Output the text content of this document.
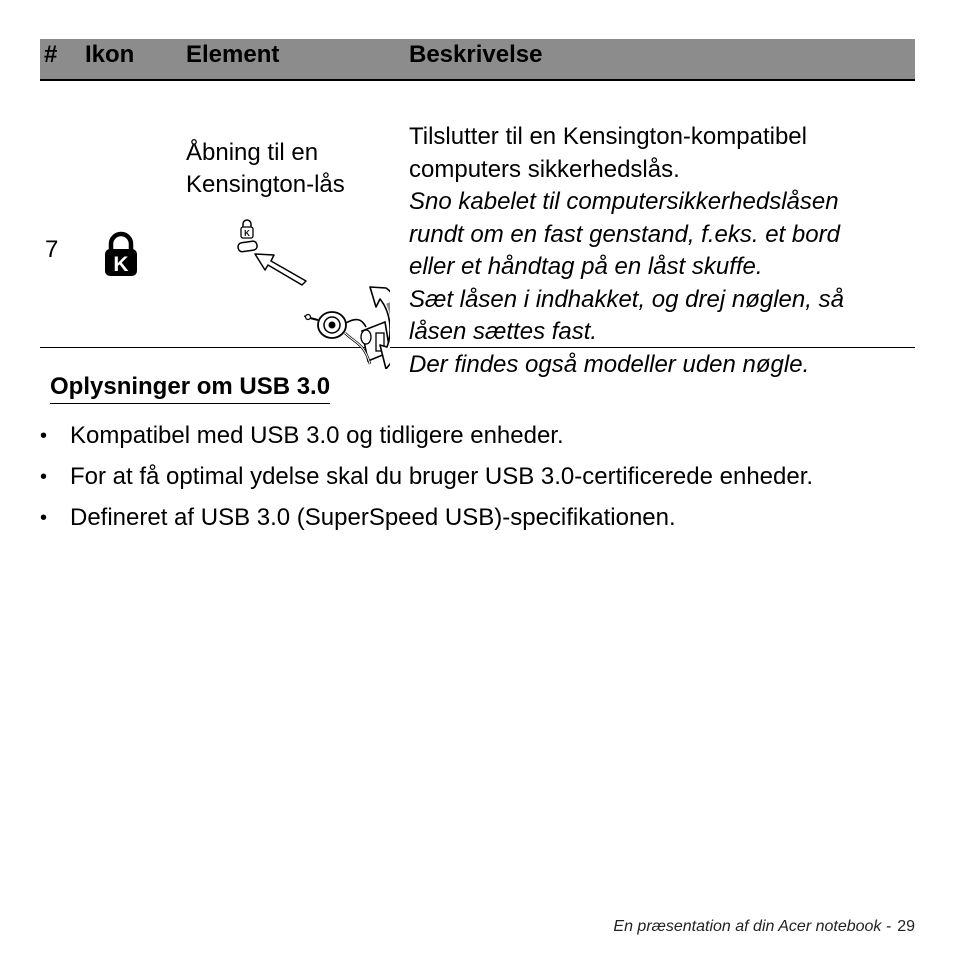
# Ikon Element	Beskrivelse
7
K
Åbning til en
Kensington-lås
K
Tilslutter til en Kensington-kompatibel
computers sikkerhedslås.
Sno kabelet til computersikkerhedslåsen
rundt om en fast genstand, f.eks. et bord
eller et håndtag på en låst skuffe.
Sæt låsen i indhakket, og drej nøglen, så
låsen sættes fast.
Der findes også modeller uden nøgle.
Oplysninger om USB 3.0
• Kompatibel med USB 3.0 og tidligere enheder.
• For at få optimal ydelse skal du bruger USB 3.0-certificerede enheder.
• Defineret af USB 3.0 (SuperSpeed USB)-specifikationen.
En præsentation af din Acer notebook - 29
